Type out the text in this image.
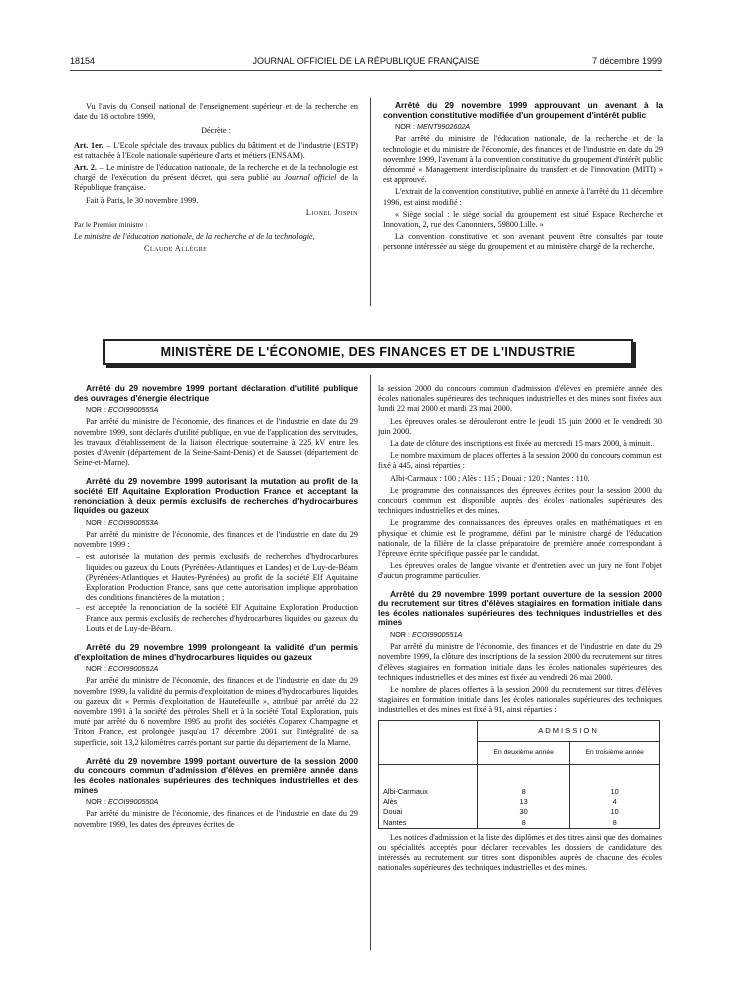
18154	JOURNAL OFFICIEL DE LA RÉPUBLIQUE FRANÇAISE	7 décembre 1999

Vu l'avis du Conseil national de l'enseignement supérieur et de la recherche en date du 18 octobre 1999,

Décrète :

Art. 1er. – L'Ecole spéciale des travaux publics du bâtiment et de l'industrie (ESTP) est rattachée à l'Ecole nationale supérieure d'arts et métiers (ENSAM).

Art. 2. – Le ministre de l'éducation nationale, de la recherche et de la technologie est chargé de l'exécution du présent décret, qui sera publié au Journal officiel de la République française.

Fait à Paris, le 30 novembre 1999.

Lionel Jospin

Par le Premier ministre :

Le ministre de l'éducation nationale, de la recherche et de la technologie,

Claude Allègre

Arrêté du 29 novembre 1999 approuvant un avenant à la convention constitutive modifiée d'un groupement d'intérêt public

NOR : MENT9902602A

Par arrêté du ministre de l'éducation nationale, de la recherche et de la technologie et du ministre de l'économie, des finances et de l'industrie en date du 29 novembre 1999, l'avenant à la convention constitutive du groupement d'intérêt public dénommé « Management interdisciplinaire du transfert et de l'innovation (MITI) » est approuvé.

L'extrait de la convention constitutive, publié en annexe à l'arrêté du 11 décembre 1996, est ainsi modifié :

« Siège social : le siège social du groupement est situé Espace Recherche et Innovation, 2, rue des Canonniers, 59800 Lille. »

La convention constitutive et son avenant peuvent être consultés par toute personne intéressée au siège du groupement et au ministère chargé de la recherche.

MINISTÈRE DE L'ÉCONOMIE, DES FINANCES ET DE L'INDUSTRIE

Arrêté du 29 novembre 1999 portant déclaration d'utilité publique des ouvrages d'énergie électrique

NOR : ECOI9900555A

Par arrêté du ministre de l'économie, des finances et de l'industrie en date du 29 novembre 1999, sont déclarés d'utilité publique, en vue de l'application des servitudes, les travaux d'établissement de la liaison électrique souterraine à 225 kV entre les postes d'Avenir (département de la Seine-Saint-Denis) et de Sausset (département de Seine-et-Marne).

Arrêté du 29 novembre 1999 autorisant la mutation au profit de la société Elf Aquitaine Exploration Production France et acceptant la renonciation à deux permis exclusifs de recherches d'hydrocarbures liquides ou gazeux

NOR : ECOI9900553A

Par arrêté du ministre de l'économie, des finances et de l'industrie en date du 29 novembre 1999 :

– est autorisée la mutation des permis exclusifs de recherches d'hydrocarbures liquides ou gazeux du Louts (Pyrénées-Atlantiques et Landes) et de Luy-de-Béarn (Pyrénées-Atlantiques et Hautes-Pyrénées) au profit de la société Elf Aquitaine Exploration Production France, sans que cette autorisation implique approbation des conditions financières de la mutation ;
– est acceptée la renonciation de la société Elf Aquitaine Exploration Production France aux permis exclusifs de recherches d'hydrocarbures liquides ou gazeux du Louts et de Luy-de-Béarn.

Arrêté du 29 novembre 1999 prolongeant la validité d'un permis d'exploitation de mines d'hydrocarbures liquides ou gazeux

NOR : ECOI9900552A

Par arrêté du ministre de l'économie, des finances et de l'industrie en date du 29 novembre 1999, la validité du permis d'exploitation de mines d'hydrocarbures liquides ou gazeux dit « Permis d'exploitation de Hautefeuille », attribué par arrêté du 22 novembre 1991 à la société des pétroles Shell et à la société Total Exploration, puis muté par arrêté du 6 novembre 1995 au profit des sociétés Coparex Champagne et Triton France, est prolongée jusqu'au 17 décembre 2001 sur l'intégralité de sa superficie, soit 13,2 kilomètres carrés portant sur partie du département de la Marne.

Arrêté du 29 novembre 1999 portant ouverture de la session 2000 du concours commun d'admission d'élèves en première année dans les écoles nationales supérieures des techniques industrielles et des mines

NOR : ECOI9900550A

Par arrêté du ministre de l'économie, des finances et de l'industrie en date du 29 novembre 1999, les dates des épreuves écrites de

la session 2000 du concours commun d'admission d'élèves en première année des écoles nationales supérieures des techniques industrielles et des mines sont fixées aux lundi 22 mai 2000 et mardi 23 mai 2000.

Les épreuves orales se dérouleront entre le jeudi 15 juin 2000 et le vendredi 30 juin 2000.

La date de clôture des inscriptions est fixée au mercredi 15 mars 2000, à minuit.

Le nombre maximum de places offertes à la session 2000 du concours commun est fixé à 445, ainsi réparties :

Albi-Carmaux : 100 ; Alès : 115 ; Douai : 120 ; Nantes : 110.

Le programme des connaissances des épreuves écrites pour la session 2000 du concours commun est disponible auprès des écoles nationales supérieures des techniques industrielles et des mines.

Le programme des connaissances des épreuves orales en mathématiques et en physique et chimie est le programme, défini par le ministre chargé de l'éducation nationale, de la filière de la classe préparatoire de première année correspondant à l'épreuve écrite spécifique passée par le candidat.

Les épreuves orales de langue vivante et d'entretien avec un jury ne font l'objet d'aucun programme particulier.

Arrêté du 29 novembre 1999 portant ouverture de la session 2000 du recrutement sur titres d'élèves stagiaires en formation initiale dans les écoles nationales supérieures des techniques industrielles et des mines

NOR : ECOI9900551A

Par arrêté du ministre de l'économie, des finances et de l'industrie en date du 29 novembre 1999, la clôture des inscriptions de la session 2000 du recrutement sur titres d'élèves stagiaires en formation initiale dans les écoles nationales supérieures des techniques industrielles et des mines est fixée au vendredi 26 mai 2000.

Le nombre de places offertes à la session 2000 du recrutement sur titres d'élèves stagiaires en formation initiale dans les écoles nationales supérieures des techniques industrielles et des mines est fixé à 91, ainsi réparties :

	ADMISSION	
	En deuxième année	En troisième année

Albi-Carmaux	8	10
Alès	13	4
Douai	30	10
Nantes	8	8

Les notices d'admission et la liste des diplômes et des titres ainsi que des domaines ou spécialités acceptés pour déclarer recevables les dossiers de candidature des intéressés au recrutement sur titres sont disponibles auprès de chacune des écoles nationales supérieures des techniques industrielles et des mines.
